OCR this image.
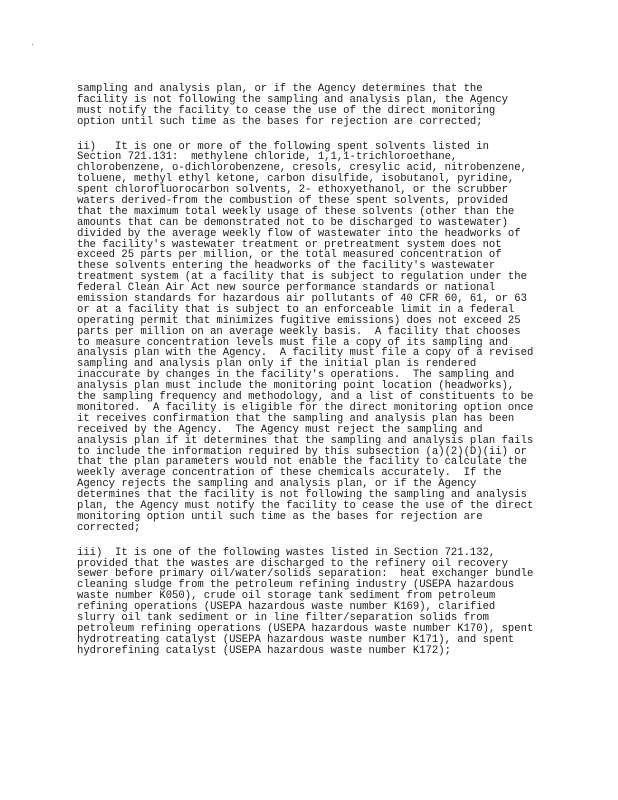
·
sampling and analysis plan, or if the Agency determines that the
facility is not following the sampling and analysis plan, the Agency
must notify the facility to cease the use of the direct monitoring
option until such time as the bases for rejection are corrected;
ii)   It is one or more of the following spent solvents listed in
Section 721.131:  methylene chloride, 1,1,1-trichloroethane,
chlorobenzene, o-dichlorobenzene, cresols, cresylic acid, nitrobenzene,
toluene, methyl ethyl ketone, carbon disulfide, isobutanol, pyridine,
spent chlorofluorocarbon solvents, 2- ethoxyethanol, or the scrubber
waters derived-from the combustion of these spent solvents, provided
that the maximum total weekly usage of these solvents (other than the
amounts that can be demonstrated not to be discharged to wastewater)
divided by the average weekly flow of wastewater into the headworks of
the facility's wastewater treatment or pretreatment system does not
exceed 25 parts per million, or the total measured concentration of
these solvents entering the headworks of the facility's wastewater
treatment system (at a facility that is subject to regulation under the
federal Clean Air Act new source performance standards or national
emission standards for hazardous air pollutants of 40 CFR 60, 61, or 63
or at a facility that is subject to an enforceable limit in a federal
operating permit that minimizes fugitive emissions) does not exceed 25
parts per million on an average weekly basis.  A facility that chooses
to measure concentration levels must file a copy of its sampling and
analysis plan with the Agency.  A facility must file a copy of a revised
sampling and analysis plan only if the initial plan is rendered
inaccurate by changes in the facility's operations.  The sampling and
analysis plan must include the monitoring point location (headworks),
the sampling frequency and methodology, and a list of constituents to be
monitored.  A facility is eligible for the direct monitoring option once
it receives confirmation that the sampling and analysis plan has been
received by the Agency.  The Agency must reject the sampling and
analysis plan if it determines that the sampling and analysis plan fails
to include the information required by this subsection (a)(2)(D)(ii) or
that the plan parameters would not enable the facility to calculate the
weekly average concentration of these chemicals accurately.  If the
Agency rejects the sampling and analysis plan, or if the Agency
determines that the facility is not following the sampling and analysis
plan, the Agency must notify the facility to cease the use of the direct
monitoring option until such time as the bases for rejection are
corrected;
iii)  It is one of the following wastes listed in Section 721.132,
provided that the wastes are discharged to the refinery oil recovery
sewer before primary oil/water/solids separation:  heat exchanger bundle
cleaning sludge from the petroleum refining industry (USEPA hazardous
waste number K050), crude oil storage tank sediment from petroleum
refining operations (USEPA hazardous waste number K169), clarified
slurry oil tank sediment or in line filter/separation solids from
petroleum refining operations (USEPA hazardous waste number K170), spent
hydrotreating catalyst (USEPA hazardous waste number K171), and spent
hydrorefining catalyst (USEPA hazardous waste number K172);
